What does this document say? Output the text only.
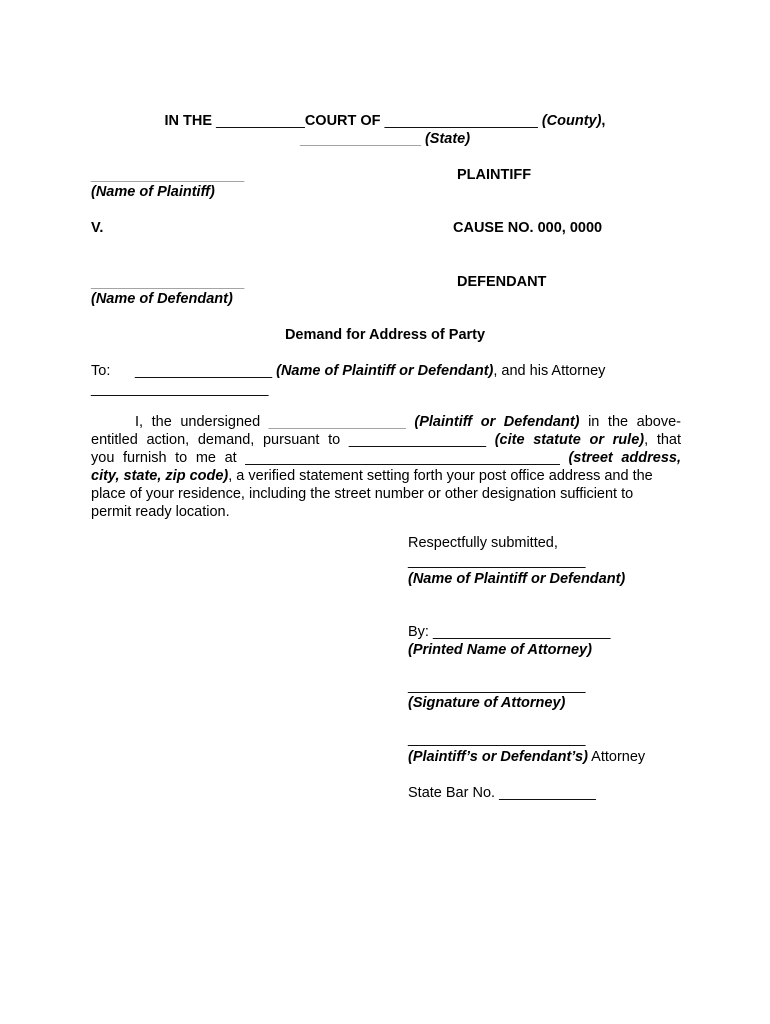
IN THE ___________COURT OF ___________________ (County),
_______________ (State)
___________________
(Name of Plaintiff)
PLAINTIFF
V.	CAUSE NO. 000, 0000
___________________
(Name of Defendant)
DEFENDANT
Demand for Address of Party
To: _________________ (Name of Plaintiff or Defendant), and his Attorney
______________________
I, the undersigned _________________ (Plaintiff or Defendant) in the above-
entitled action, demand, pursuant to _________________ (cite statute or rule), that
you furnish to me at _______________________________________ (street address,
city, state, zip code), a verified statement setting forth your post office address and the
place of your residence, including the street number or other designation sufficient to
permit ready location.
Respectfully submitted,
______________________
(Name of Plaintiff or Defendant)
By: ______________________
(Printed Name of Attorney)
______________________
(Signature of Attorney)
______________________
(Plaintiff’s or Defendant’s) Attorney
State Bar No. ____________
